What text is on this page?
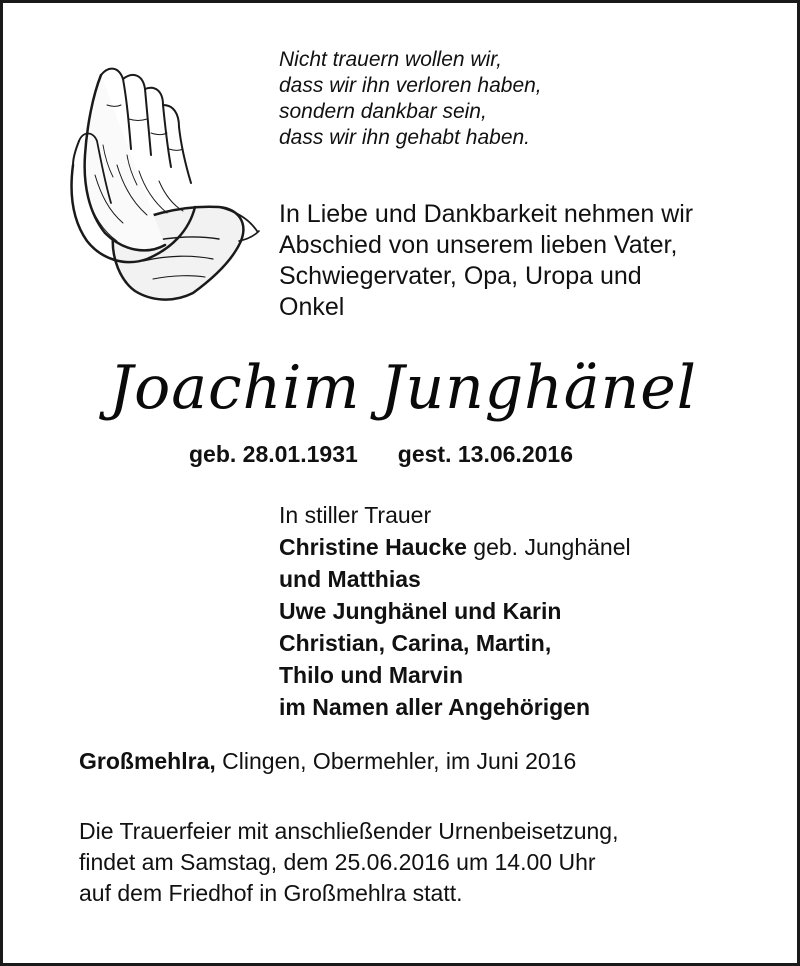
Nicht trauern wollen wir,
dass wir ihn verloren haben,
sondern dankbar sein,
dass wir ihn gehabt haben.
In Liebe und Dankbarkeit nehmen wir
Abschied von unserem lieben Vater,
Schwiegervater, Opa, Uropa und
Onkel
Joachim Junghänel
geb. 28.01.1931 gest. 13.06.2016
In stiller Trauer
Christine Haucke geb. Junghänel
und Matthias
Uwe Junghänel und Karin
Christian, Carina, Martin,
Thilo und Marvin
im Namen aller Angehörigen
Großmehlra, Clingen, Obermehler, im Juni 2016
Die Trauerfeier mit anschließender Urnenbeisetzung,
findet am Samstag, dem 25.06.2016 um 14.00 Uhr
auf dem Friedhof in Großmehlra statt.
